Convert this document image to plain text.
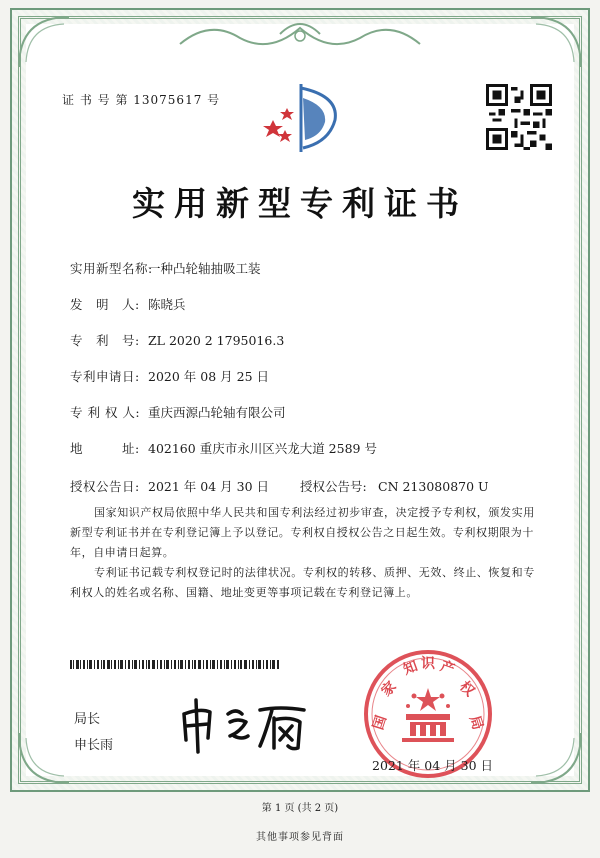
证 书 号 第 13075617 号
实用新型专利证书
实用新型名称:一种凸轮轴抽吸工装
发　明　人: 陈晓兵
专　利　号: ZL 2020 2 1795016.3
专利申请日: 2020 年 08 月 25 日
专 利 权 人: 重庆西源凸轮轴有限公司
地　　　址: 402160 重庆市永川区兴龙大道 2589 号
授权公告日: 2021 年 04 月 30 日 授权公告号: CN 213080870 U
国家知识产权局依照中华人民共和国专利法经过初步审查，决定授予专利权，颁发实用新型专利证书并在专利登记簿上予以登记。专利权自授权公告之日起生效。专利权期限为十年，自申请日起算。
专利证书记载专利权登记时的法律状况。专利权的转移、质押、无效、终止、恢复和专利权人的姓名或名称、国籍、地址变更等事项记载在专利登记簿上。
局长
申长雨
国
家
知 识 产
权
局
2021 年 04 月 30 日
第 1 页 (共 2 页)
其他事项参见背面
